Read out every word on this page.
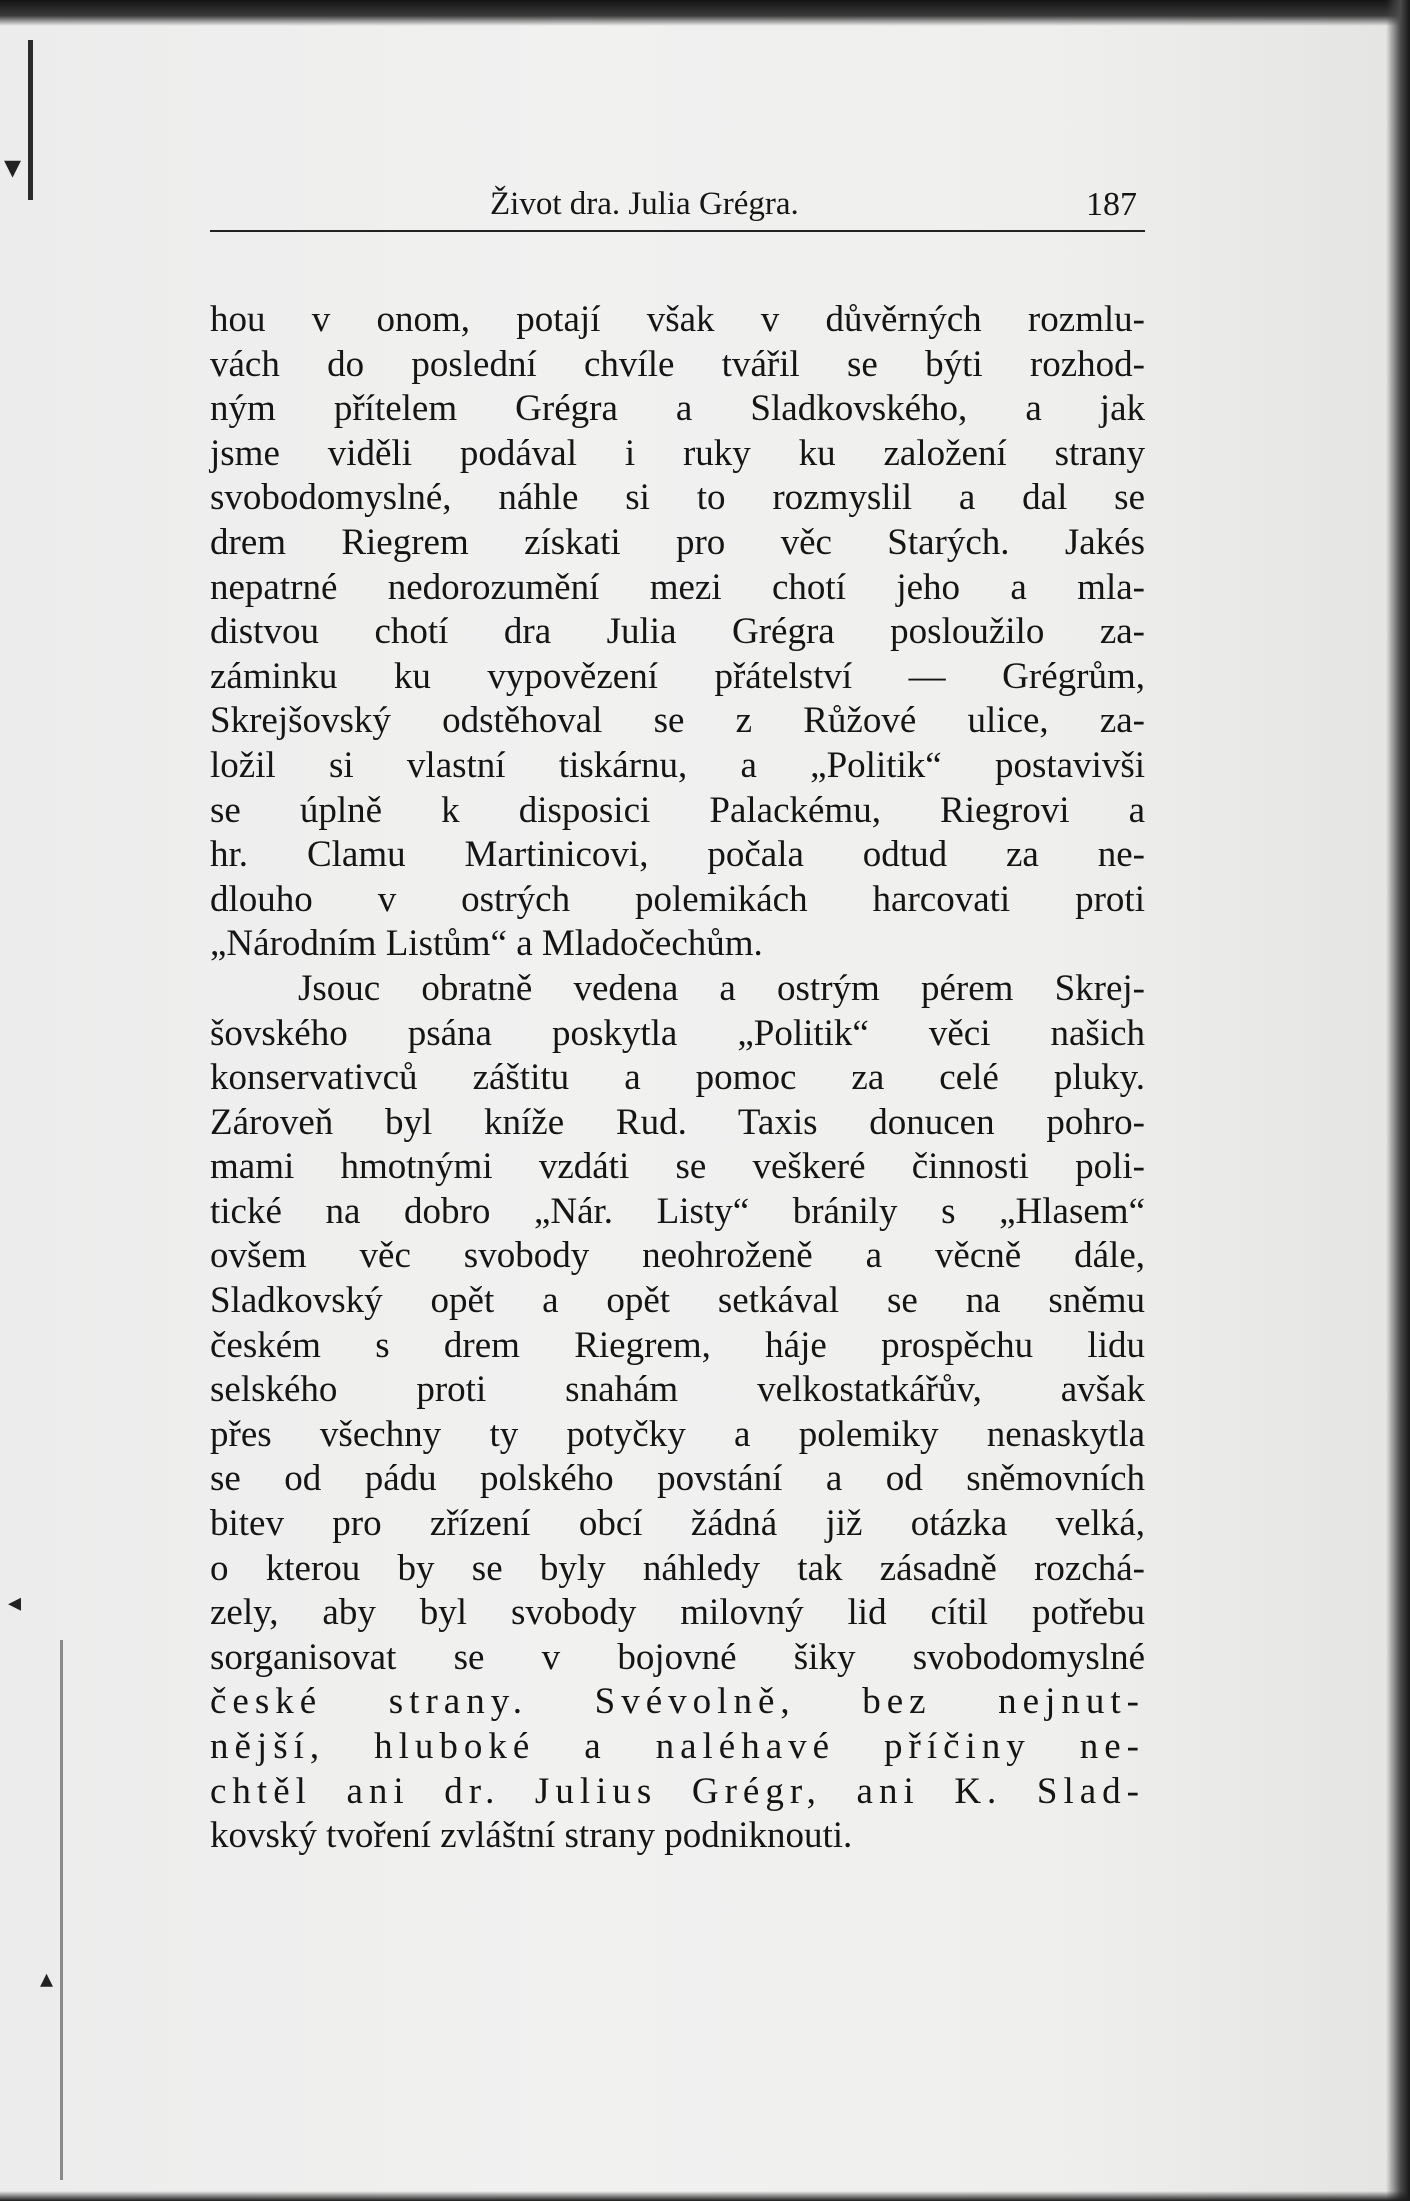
▾
◂
▴
Život dra. Julia Grégra.	187
hou v onom, potají však v důvěrných rozmlu-
vách do poslední chvíle tvářil se býti rozhod-
ným přítelem Grégra a Sladkovského, a jak
jsme viděli podával i ruky ku založení strany
svobodomyslné, náhle si to rozmyslil a dal se
drem Riegrem získati pro věc Starých. Jakés
nepatrné nedorozumění mezi chotí jeho a mla-
distvou chotí dra Julia Grégra posloužilo za-
záminku ku vypovězení přátelství — Grégrům,
Skrejšovský odstěhoval se z Růžové ulice, za-
ložil si vlastní tiskárnu, a „Politik“ postavivši
se úplně k disposici Palackému, Riegrovi a
hr. Clamu Martinicovi, počala odtud za ne-
dlouho v ostrých polemikách harcovati proti
„Národním Listům“ a Mladočechům.
Jsouc obratně vedena a ostrým pérem Skrej-
šovského psána poskytla „Politik“ věci našich
konservativců záštitu a pomoc za celé pluky.
Zároveň byl kníže Rud. Taxis donucen pohro-
mami hmotnými vzdáti se veškeré činnosti poli-
tické na dobro „Nár. Listy“ bránily s „Hlasem“
ovšem věc svobody neohroženě a věcně dále,
Sladkovský opět a opět setkával se na sněmu
českém s drem Riegrem, háje prospěchu lidu
selského proti snahám velkostatkářův, avšak
přes všechny ty potyčky a polemiky nenaskytla
se od pádu polského povstání a od sněmovních
bitev pro zřízení obcí žádná již otázka velká,
o kterou by se byly náhledy tak zásadně rozchá-
zely, aby byl svobody milovný lid cítil potřebu
sorganisovat se v bojovné šiky svobodomyslné
české strany. Svévolně, bez nejnut-
nější, hluboké a naléhavé příčiny ne-
chtěl ani dr. Julius Grégr, ani K. Slad-
kovský tvoření zvláštní strany podniknouti.
